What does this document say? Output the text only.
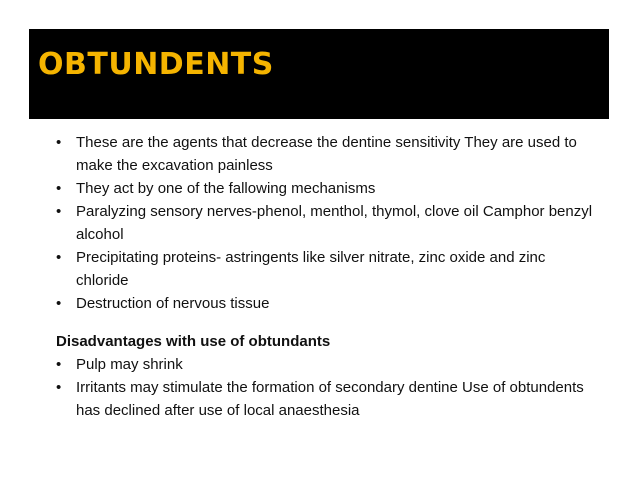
OBTUNDENTS
• These are the agents that decrease the dentine sensitivity They are used to make the excavation painless
• They act by one of the fallowing mechanisms
• Paralyzing sensory nerves-phenol, menthol, thymol, clove oil Camphor benzyl alcohol
• Precipitating proteins- astringents like silver nitrate, zinc oxide and zinc chloride
• Destruction of nervous tissue
Disadvantages with use of obtundants
• Pulp may shrink
• Irritants may stimulate the formation of secondary dentine Use of obtundents has declined after use of local anaesthesia
